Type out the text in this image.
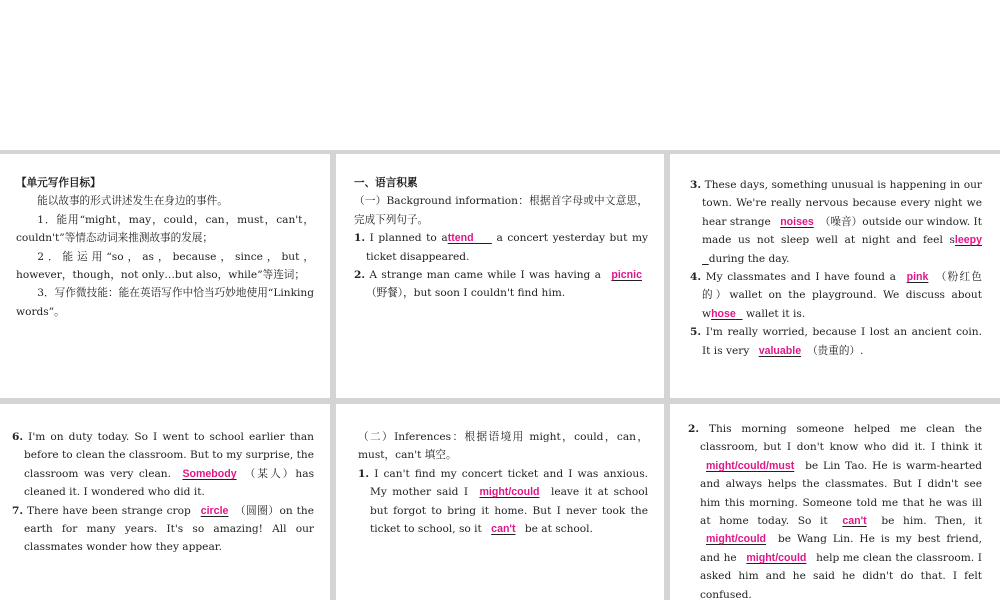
【单元写作目标】

能以故事的形式讲述发生在身边的事件。

1．能用“might，may，could，can，must，can't，couldn't”等情态动词来推测故事的发展；

2．能运用“so，as，because，since，but，however，though，not only…but also，while”等连词；

3．写作微技能：能在英语写作中恰当巧妙地使用“Linking words”。

一、语言积累

（一）Background information：根据首字母或中文意思，完成下列句子。

1. I planned to attend a concert yesterday but my ticket disappeared.

2. A strange man came while I was having a picnic（野餐），but soon I couldn't find him.

3. These days, something unusual is happening in our town. We're really nervous because every night we hear strange noises （噪音）outside our window. It made us not sleep well at night and feel sleepy  during the day.

4. My classmates and I have found a pink （粉红色的）wallet on the playground. We discuss about whose wallet it is.

5. I'm really worried, because I lost an ancient coin. It is very valuable （贵重的）.

6. I'm on duty today. So I went to school earlier than before to clean the classroom. But to my surprise, the classroom was very clean. Somebody （某人）has cleaned it. I wondered who did it.

7. There have been strange crop circle （圆圈）on the earth for many years. It's so amazing! All our classmates wonder how they appear.

（二）Inferences：根据语境用 might，could，can，must，can't 填空。

1. I can't find my concert ticket and I was anxious. My mother said I might/could leave it at school but forgot to bring it home. But I never took the ticket to school, so it can't be at school.

2. This morning someone helped me clean the classroom, but I don't know who did it. I think it might/could/must be Lin Tao. He is warm-hearted and always helps the classmates. But I didn't see him this morning. Someone told me that he was ill at home today. So it can't be him. Then, it might/could be Wang Lin. He is my best friend, and he might/could help me clean the classroom. I asked him and he said he didn't do that. I felt confused.
